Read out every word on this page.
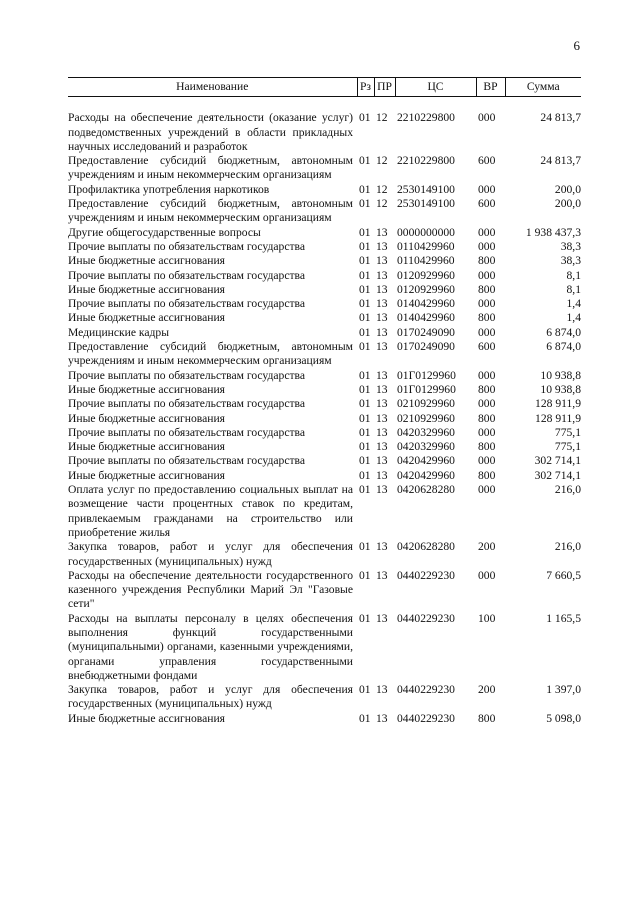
6
Наименование	Рз	ПР	ЦС	ВР	Сумма
Расходы на обеспечение деятельности (оказание услуг) подведомственных учреждений в области прикладных научных исследований и разработок	01	12	2210229800	000	24 813,7
Предоставление субсидий бюджетным, автономным учреждениям и иным некоммерческим организациям	01	12	2210229800	600	24 813,7
Профилактика употребления наркотиков	01	12	2530149100	000	200,0
Предоставление субсидий бюджетным, автономным учреждениям и иным некоммерческим организациям	01	12	2530149100	600	200,0
Другие общегосударственные вопросы	01	13	0000000000	000	1 938 437,3
Прочие выплаты по обязательствам государства	01	13	0110429960	000	38,3
Иные бюджетные ассигнования	01	13	0110429960	800	38,3
Прочие выплаты по обязательствам государства	01	13	0120929960	000	8,1
Иные бюджетные ассигнования	01	13	0120929960	800	8,1
Прочие выплаты по обязательствам государства	01	13	0140429960	000	1,4
Иные бюджетные ассигнования	01	13	0140429960	800	1,4
Медицинские кадры	01	13	0170249090	000	6 874,0
Предоставление субсидий бюджетным, автономным учреждениям и иным некоммерческим организациям	01	13	0170249090	600	6 874,0
Прочие выплаты по обязательствам государства	01	13	01Г0129960	000	10 938,8
Иные бюджетные ассигнования	01	13	01Г0129960	800	10 938,8
Прочие выплаты по обязательствам государства	01	13	0210929960	000	128 911,9
Иные бюджетные ассигнования	01	13	0210929960	800	128 911,9
Прочие выплаты по обязательствам государства	01	13	0420329960	000	775,1
Иные бюджетные ассигнования	01	13	0420329960	800	775,1
Прочие выплаты по обязательствам государства	01	13	0420429960	000	302 714,1
Иные бюджетные ассигнования	01	13	0420429960	800	302 714,1
Оплата услуг по предоставлению социальных выплат на возмещение части процентных ставок по кредитам, привлекаемым гражданами на строительство или приобретение жилья	01	13	0420628280	000	216,0
Закупка товаров, работ и услуг для обеспечения государственных (муниципальных) нужд	01	13	0420628280	200	216,0
Расходы на обеспечение деятельности государственного казенного учреждения Республики Марий Эл "Газовые сети"	01	13	0440229230	000	7 660,5
Расходы на выплаты персоналу в целях обеспечения выполнения функций государственными (муниципальными) органами, казенными учреждениями, органами управления государственными внебюджетными фондами	01	13	0440229230	100	1 165,5
Закупка товаров, работ и услуг для обеспечения государственных (муниципальных) нужд	01	13	0440229230	200	1 397,0
Иные бюджетные ассигнования	01	13	0440229230	800	5 098,0
